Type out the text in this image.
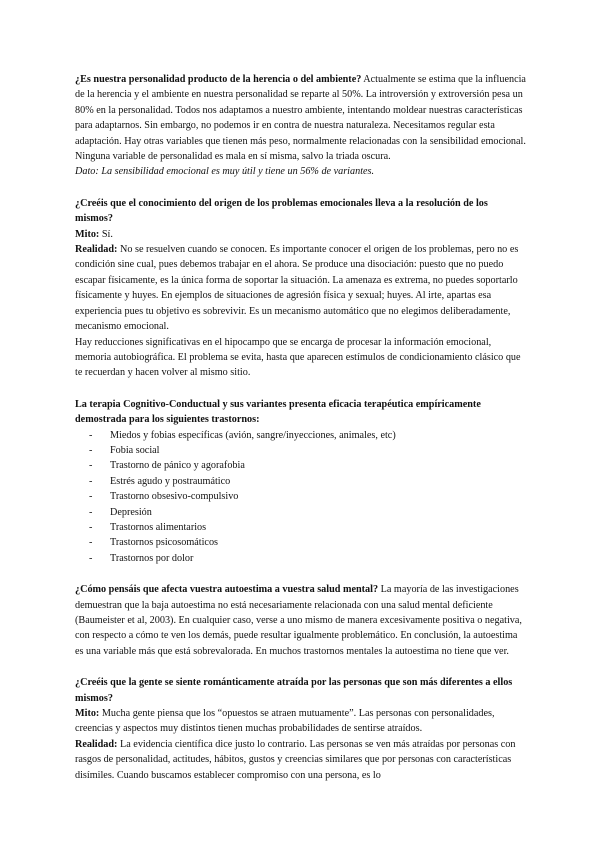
¿Es nuestra personalidad producto de la herencia o del ambiente? Actualmente se estima que la influencia de la herencia y el ambiente en nuestra personalidad se reparte al 50%. La introversión y extroversión pesa un 80% en la personalidad. Todos nos adaptamos a nuestro ambiente, intentando moldear nuestras características para adaptarnos. Sin embargo, no podemos ir en contra de nuestra naturaleza. Necesitamos regular esta adaptación. Hay otras variables que tienen más peso, normalmente relacionadas con la sensibilidad emocional. Ninguna variable de personalidad es mala en sí misma, salvo la triada oscura.

Dato: La sensibilidad emocional es muy útil y tiene un 56% de variantes.

¿Creéis que el conocimiento del origen de los problemas emocionales lleva a la resolución de los mismos?

Mito: Sí.

Realidad: No se resuelven cuando se conocen. Es importante conocer el origen de los problemas, pero no es condición sine cual, pues debemos trabajar en el ahora. Se produce una disociación: puesto que no puedo escapar físicamente, es la única forma de soportar la situación. La amenaza es extrema, no puedes soportarlo físicamente y huyes. En ejemplos de situaciones de agresión física y sexual; huyes. Al irte, apartas esa experiencia pues tu objetivo es sobrevivir. Es un mecanismo automático que no elegimos deliberadamente, mecanismo emocional.

Hay reducciones significativas en el hipocampo que se encarga de procesar la información emocional, memoria autobiográfica. El problema se evita, hasta que aparecen estímulos de condicionamiento clásico que te recuerdan y hacen volver al mismo sitio.

La terapia Cognitivo-Conductual y sus variantes presenta eficacia terapéutica empíricamente demostrada para los siguientes trastornos:

- Miedos y fobias específicas (avión, sangre/inyecciones, animales, etc)
- Fobia social
- Trastorno de pánico y agorafobia
- Estrés agudo y postraumático
- Trastorno obsesivo-compulsivo
- Depresión
- Trastornos alimentarios
- Trastornos psicosomáticos
- Trastornos por dolor

¿Cómo pensáis que afecta vuestra autoestima a vuestra salud mental? La mayoría de las investigaciones demuestran que la baja autoestima no está necesariamente relacionada con una salud mental deficiente (Baumeister et al, 2003). En cualquier caso, verse a uno mismo de manera excesivamente positiva o negativa, con respecto a cómo te ven los demás, puede resultar igualmente problemático. En conclusión, la autoestima es una variable más que está sobrevalorada. En muchos trastornos mentales la autoestima no tiene que ver.

¿Creéis que la gente se siente románticamente atraída por las personas que son más diferentes a ellos mismos?

Mito: Mucha gente piensa que los “opuestos se atraen mutuamente”. Las personas con personalidades, creencias y aspectos muy distintos tienen muchas probabilidades de sentirse atraídos.

Realidad: La evidencia científica dice justo lo contrario. Las personas se ven más atraídas por personas con rasgos de personalidad, actitudes, hábitos, gustos y creencias similares que por personas con características disímiles. Cuando buscamos establecer compromiso con una persona, es lo
